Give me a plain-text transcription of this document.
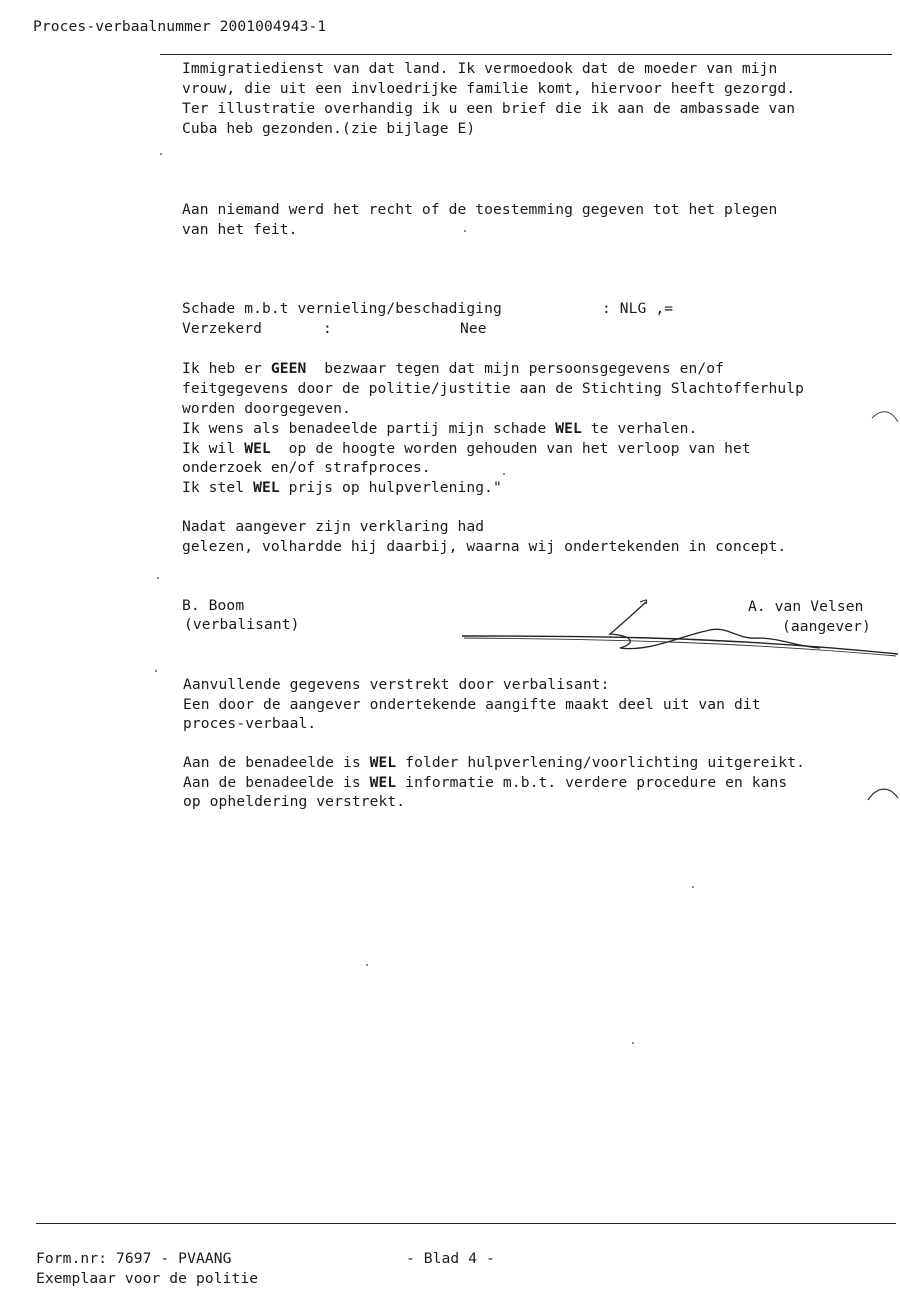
Proces-verbaalnummer 2001004943-1
Immigratiedienst van dat land. Ik vermoedook dat de moeder van mijn
vrouw, die uit een invloedrijke familie komt, hiervoor heeft gezorgd.
Ter illustratie overhandig ik u een brief die ik aan de ambassade van
Cuba heb gezonden.(zie bijlage E)
Aan niemand werd het recht of de toestemming gegeven tot het plegen
van het feit.
Schade m.b.t vernieling/beschadiging	: NLG ,=
Verzekerd	:	Nee
Ik heb er GEEN  bezwaar tegen dat mijn persoonsgegevens en/of
feitgegevens door de politie/justitie aan de Stichting Slachtofferhulp
worden doorgegeven.
Ik wens als benadeelde partij mijn schade WEL te verhalen.
Ik wil WEL  op de hoogte worden gehouden van het verloop van het
onderzoek en/of strafproces.
Ik stel WEL prijs op hulpverlening."
Nadat aangever zijn verklaring had
gelezen, volhardde hij daarbij, waarna wij ondertekenden in concept.
B. Boom
(verbalisant)
A. van Velsen
(aangever)
Aanvullende gegevens verstrekt door verbalisant:
Een door de aangever ondertekende aangifte maakt deel uit van dit
proces-verbaal.
Aan de benadeelde is WEL folder hulpverlening/voorlichting uitgereikt.
Aan de benadeelde is WEL informatie m.b.t. verdere procedure en kans
op opheldering verstrekt.
Form.nr: 7697 - PVAANG	- Blad 4 -
Exemplaar voor de politie
